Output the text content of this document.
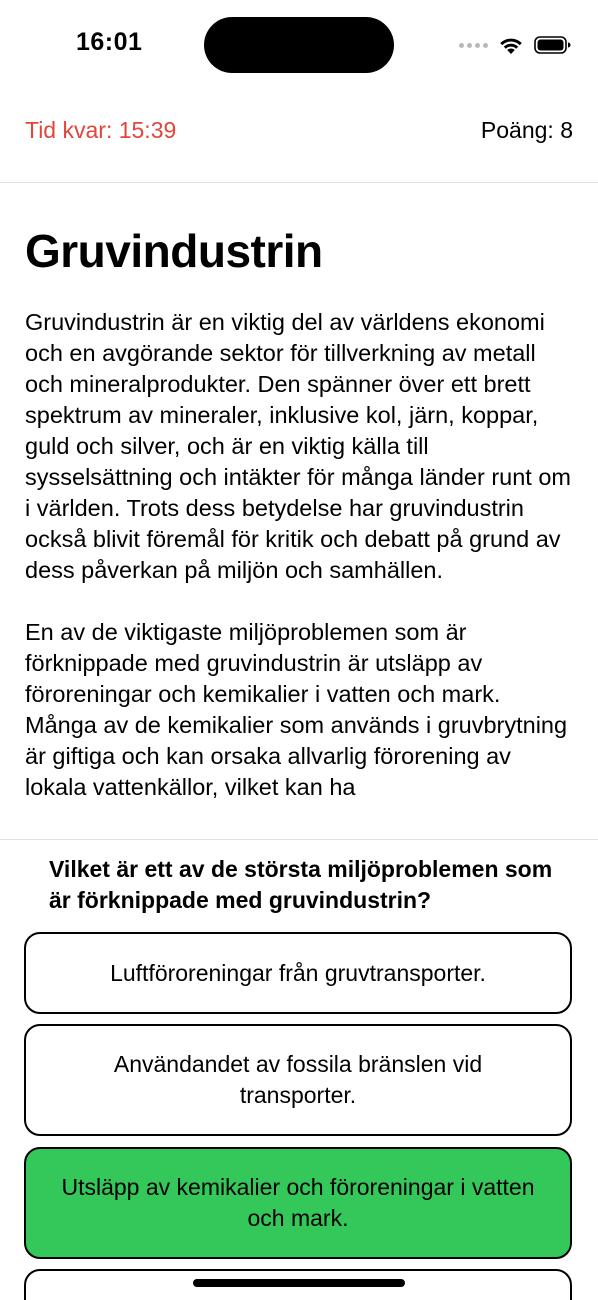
16:01
Tid kvar: 15:39	Poäng: 8
Gruvindustrin

Gruvindustrin är en viktig del av världens ekonomi och en avgörande sektor för tillverkning av metall och mineralprodukter. Den spänner över ett brett spektrum av mineraler, inklusive kol, järn, koppar, guld och silver, och är en viktig källa till sysselsättning och intäkter för många länder runt om i världen. Trots dess betydelse har gruvindustrin också blivit föremål för kritik och debatt på grund av dess påverkan på miljön och samhällen.

En av de viktigaste miljöproblemen som är förknippade med gruvindustrin är utsläpp av föroreningar och kemikalier i vatten och mark. Många av de kemikalier som används i gruvbrytning är giftiga och kan orsaka allvarlig förorening av lokala vattenkällor, vilket kan ha

Vilket är ett av de största miljöproblemen som är förknippade med gruvindustrin?
Luftföroreningar från gruvtransporter.
Användandet av fossila bränslen vid transporter.
Utsläpp av kemikalier och föroreningar i vatten och mark.
